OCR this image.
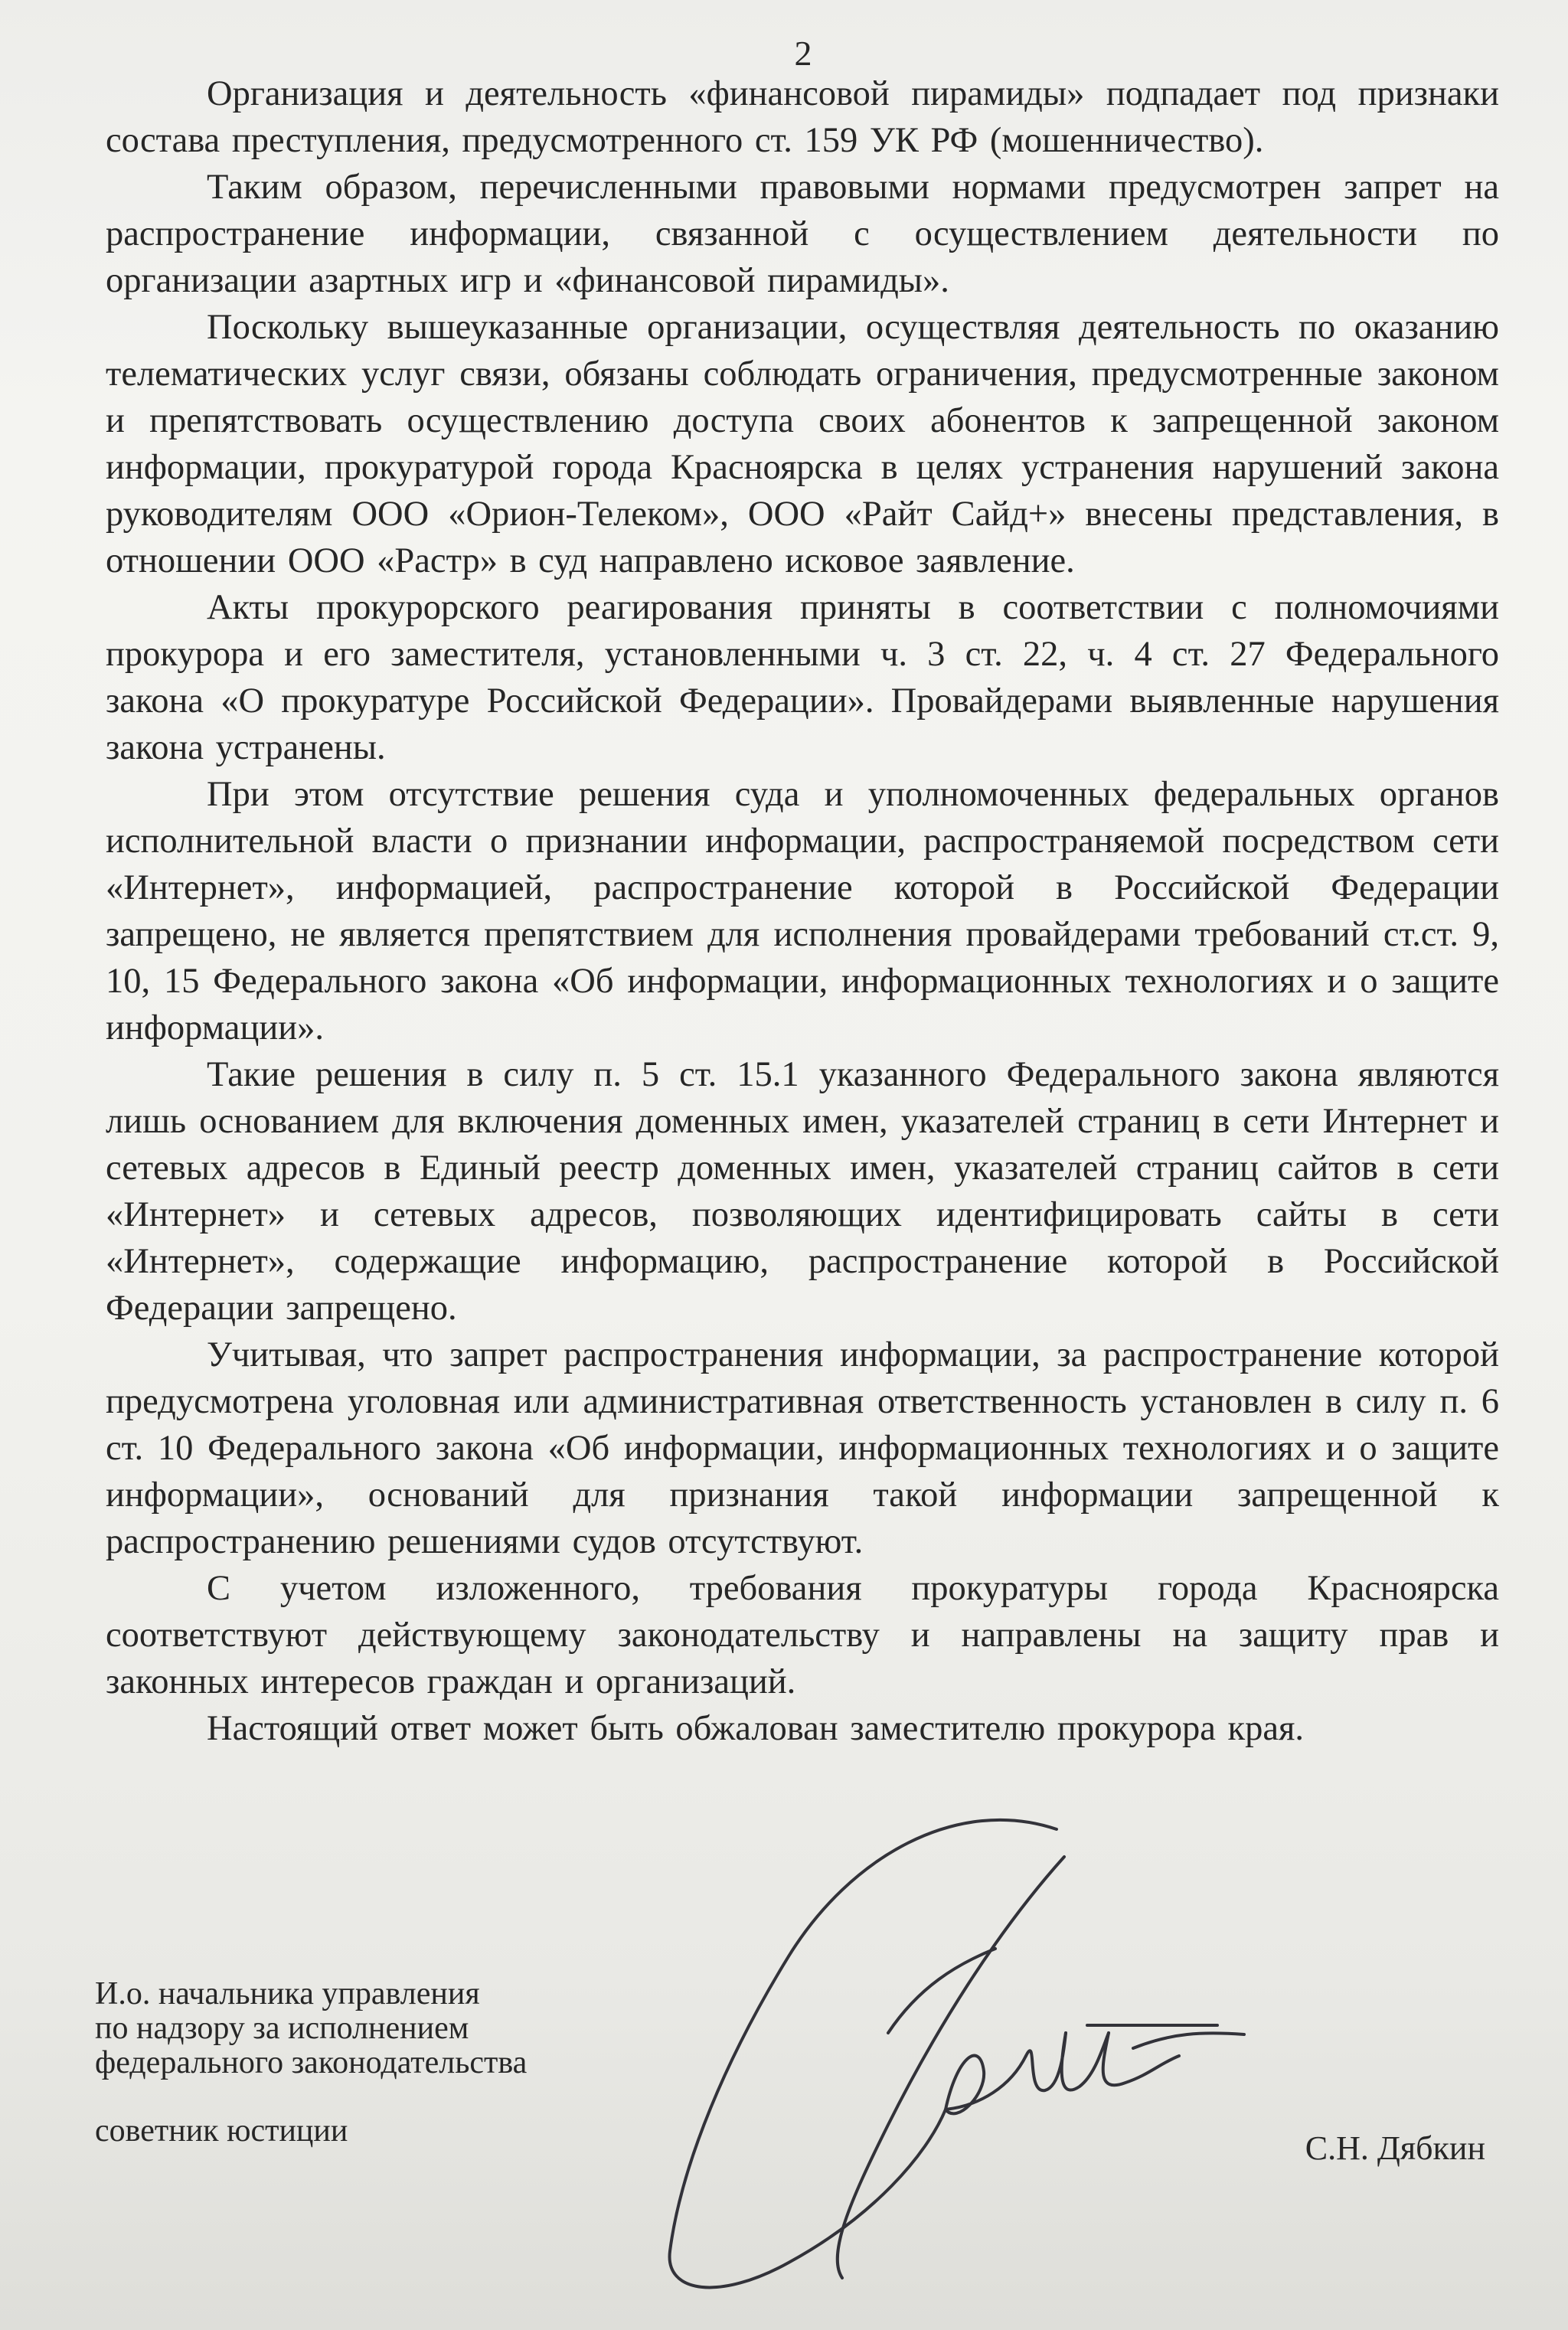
2

Организация и деятельность «финансовой пирамиды» подпадает под признаки состава преступления, предусмотренного ст. 159 УК РФ (мошенничество).

Таким образом, перечисленными правовыми нормами предусмотрен запрет на распространение информации, связанной с осуществлением деятельности по организации азартных игр и «финансовой пирамиды».

Поскольку вышеуказанные организации, осуществляя деятельность по оказанию телематических услуг связи, обязаны соблюдать ограничения, предусмотренные законом и препятствовать осуществлению доступа своих абонентов к запрещенной законом информации, прокуратурой города Красноярска в целях устранения нарушений закона руководителям ООО «Орион-Телеком», ООО «Райт Сайд+» внесены представления, в отношении ООО «Растр» в суд направлено исковое заявление.

Акты прокурорского реагирования приняты в соответствии с полномочиями прокурора и его заместителя, установленными ч. 3 ст. 22, ч. 4 ст. 27 Федерального закона «О прокуратуре Российской Федерации». Провайдерами выявленные нарушения закона устранены.

При этом отсутствие решения суда и уполномоченных федеральных органов исполнительной власти о признании информации, распространяемой посредством сети «Интернет», информацией, распространение которой в Российской Федерации запрещено, не является препятствием для исполнения провайдерами требований ст.ст. 9, 10, 15 Федерального закона «Об информации, информационных технологиях и о защите информации».

Такие решения в силу п. 5 ст. 15.1 указанного Федерального закона являются лишь основанием для включения доменных имен, указателей страниц в сети Интернет и сетевых адресов в Единый реестр доменных имен, указателей страниц сайтов в сети «Интернет» и сетевых адресов, позволяющих идентифицировать сайты в сети «Интернет», содержащие информацию, распространение которой в Российской Федерации запрещено.

Учитывая, что запрет распространения информации, за распространение которой предусмотрена уголовная или административная ответственность установлен в силу п. 6 ст. 10 Федерального закона «Об информации, информационных технологиях и о защите информации», оснований для признания такой информации запрещенной к распространению решениями судов отсутствуют.

С учетом изложенного, требования прокуратуры города Красноярска соответствуют действующему законодательству и направлены на защиту прав и законных интересов граждан и организаций.

Настоящий ответ может быть обжалован заместителю прокурора края.

И.о. начальника управления
по надзору за исполнением
федерального законодательства
советник юстиции	С.Н. Дябкин
